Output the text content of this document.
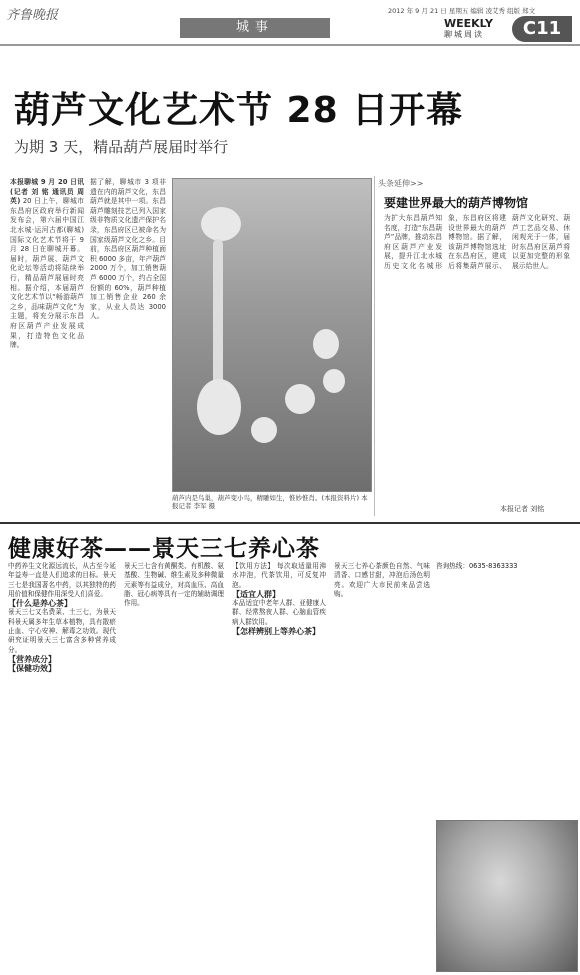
齐鲁晚报
城事
2012 年 9 月 21 日 星期五 编辑 凌艾秀 组版 郑文
WEEKLY
聊城周读	C11
葫芦文化艺术节 28 日开幕
为期 3 天，精品葫芦展届时举行
本报聊城 9 月 20 日讯(记者 刘 铭 通讯员 周 英) 20 日上午，聊城市东昌府区政府举行新闻发布会，第六届中国江北水城·运河古都(聊城)国际文化艺术节将于 9 月 28 日在聊城开幕。届时，葫芦展、葫芦文化论坛等活动将陆续举行，精品葫芦展届时亮相。据介绍，本届葫芦文化艺术节以“畅游葫芦之乡，品味葫芦文化”为主题，将充分展示东昌府区葫芦产业发展成果，打造特色文化品牌。
据了解，聊城市 3 项非遗在内的葫芦文化，东昌葫芦就是其中一项。东昌葫芦雕刻技艺已列入国家级非物质文化遗产保护名录，东昌府区已被命名为国家级葫芦文化之乡。目前，东昌府区葫芦种植面积 6000 多亩，年产葫芦 2000 万个，加工销售葫芦 6000 万个，约占全国份额的 60%，葫芦种植加工销售企业 260 余家，从业人员达 3000 人。
葫芦内是鸟巢，葫芦变小鸟，精雕如生，惟妙惟肖。(本报资料片) 本报记者 李军 摄
头条延伸>>
要建世界最大的葫芦博物馆
为扩大东昌葫芦知名度，打造“东昌葫芦”品牌，推动东昌府区葫芦产业发展，提升江北水城历史文化名城形象，东昌府区将建设世界最大的葫芦博物馆。据了解，该葫芦博物馆选址在东昌府区，建成后将集葫芦展示、葫芦文化研究、葫芦工艺品交易、休闲观光于一体，届时东昌府区葫芦将以更加完整的形象展示给世人。
本报记者 刘铭
健康好茶——景天三七养心茶
中药养生文化源远流长，从古至今延年益寿一直是人们追求的目标。景天三七是我国著名中药，以其独特的药用价值和保健作用深受人们喜爱。
【什么是养心茶】
景天三七又名费菜、土三七，为景天科景天属多年生草本植物，具有散瘀止血、宁心安神、解毒之功效。现代研究证明景天三七富含多种营养成分。
【营养成分】
【保健功效】
景天三七含有黄酮类、有机酸、氨基酸、生物碱、维生素及多种微量元素等有益成分，对高血压、高血脂、冠心病等具有一定的辅助调理作用。
【饮用方法】 每次取适量用沸水冲泡，代茶饮用，可反复冲泡。
【适宜人群】
本品适宜中老年人群、亚健康人群、经常熬夜人群、心脑血管疾病人群饮用。
【怎样辨别上等养心茶】
景天三七养心茶颜色自然、气味清香、口感甘甜，冲泡后汤色明亮。欢迎广大市民前来品尝选购。
咨询热线：0635-8363333
